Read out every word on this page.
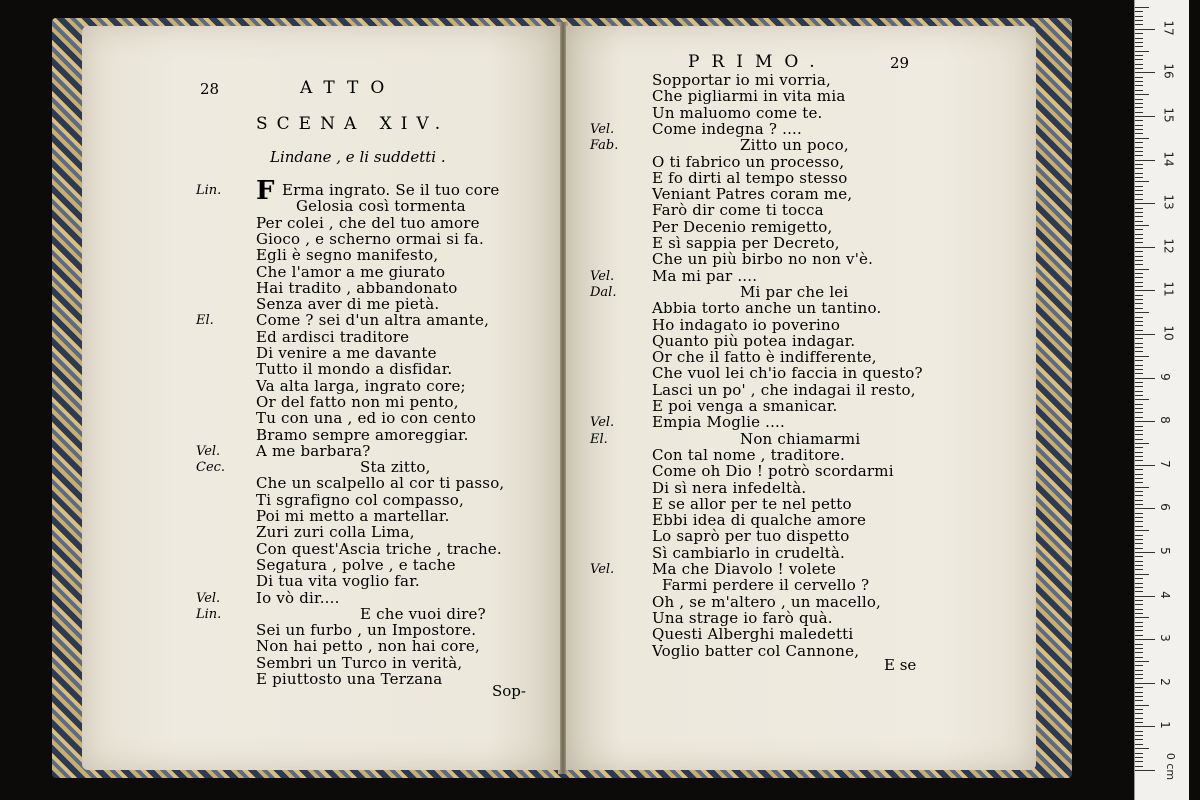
28	ATTO
SCENA XIV.
Lindane , e li suddetti .
Lin.	Erma ingrato. Se il tuo core
Gelosia così tormenta
Per colei , che del tuo amore
Gioco , e scherno ormai si fa.
Egli è segno manifesto,
Che l'amor a me giurato
Hai tradito , abbandonato
Senza aver di me pietà.
El.	Come ? sei d'un altra amante,
Ed ardisci traditore
Di venire a me davante
Tutto il mondo a disfidar.
Va alta larga, ingrato core;
Or del fatto non mi pento,
Tu con una , ed io con cento
Bramo sempre amoreggiar.
Vel. A me barbara?
Cec.	Sta zitto,
Che un scalpello al cor ti passo,
Ti sgrafigno col compasso,
Poi mi metto a martellar.
Zuri zuri colla Lima,
Con quest'Ascia triche , trache.
Segatura , polve , e tache
Di tua vita voglio far.
Vel. Io vò dir....
Lin.	E che vuoi dire?
Sei un furbo , un Impostore.
Non hai petto , non hai core,
Sembri un Turco in verità,
E piuttosto una Terzana
F
Sop-
PRIMO.	29
Sopportar io mi vorria,
Che pigliarmi in vita mia
Un maluomo come te.
Vel.	Come indegna ? ....
Fab.	Zitto un poco,
O ti fabrico un processo,
E fo dirti al tempo stesso
Veniant Patres coram me,
Farò dir come ti tocca
Per Decenio remigetto,
E sì sappia per Decreto,
Che un più birbo no non v'è.
Vel.	Ma mi par ....
Dal.	Mi par che lei
Abbia torto anche un tantino.
Ho indagato io poverino
Quanto più potea indagar.
Or che il fatto è indifferente,
Che vuol lei ch'io faccia in questo?
Lasci un po' , che indagai il resto,
E poi venga a smanicar.
Vel.	Empia Moglie ....
El.	Non chiamarmi
Con tal nome , traditore.
Come oh Dio ! potrò scordarmi
Di sì nera infedeltà.
E se allor per te nel petto
Ebbi idea di qualche amore
Lo saprò per tuo dispetto
Sì cambiarlo in crudeltà.
Vel.	Ma che Diavolo ! volete
Farmi perdere il cervello ?
Oh , se m'altero , un macello,
Una strage io farò quà.
Questi Alberghi maledetti
Voglio batter col Cannone,
E se
0 cm
1
2
3
4
5
6
7
8
9
10
11
12
13
14
15
16
17
